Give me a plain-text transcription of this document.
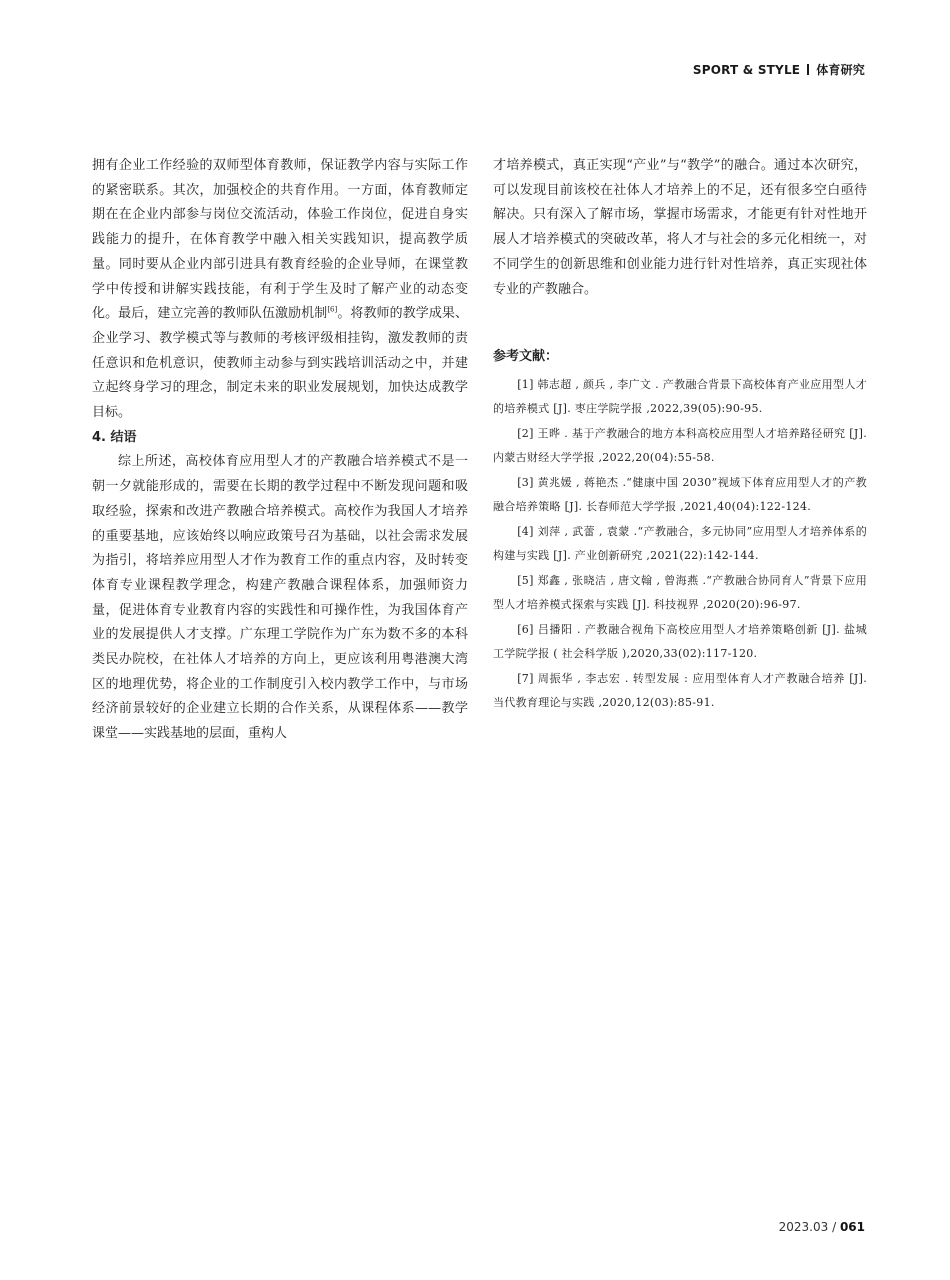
SPORT & STYLE 体育研究

拥有企业工作经验的双师型体育教师，保证教学内容与实际工作的紧密联系。其次，加强校企的共育作用。一方面，体育教师定期在在企业内部参与岗位交流活动，体验工作岗位，促进自身实践能力的提升，在体育教学中融入相关实践知识，提高教学质量。同时要从企业内部引进具有教育经验的企业导师，在课堂教学中传授和讲解实践技能，有利于学生及时了解产业的动态变化。最后，建立完善的教师队伍激励机制[6]。将教师的教学成果、企业学习、教学模式等与教师的考核评级相挂钩，激发教师的责任意识和危机意识，使教师主动参与到实践培训活动之中，并建立起终身学习的理念，制定未来的职业发展规划，加快达成教学目标。

4. 结语

综上所述，高校体育应用型人才的产教融合培养模式不是一朝一夕就能形成的，需要在长期的教学过程中不断发现问题和吸取经验，探索和改进产教融合培养模式。高校作为我国人才培养的重要基地，应该始终以响应政策号召为基础，以社会需求发展为指引，将培养应用型人才作为教育工作的重点内容，及时转变体育专业课程教学理念，构建产教融合课程体系，加强师资力量，促进体育专业教育内容的实践性和可操作性，为我国体育产业的发展提供人才支撑。广东理工学院作为广东为数不多的本科类民办院校，在社体人才培养的方向上，更应该利用粤港澳大湾区的地理优势，将企业的工作制度引入校内教学工作中，与市场经济前景较好的企业建立长期的合作关系，从课程体系——教学课堂——实践基地的层面，重构人

才培养模式，真正实现“产业”与“教学”的融合。通过本次研究，可以发现目前该校在社体人才培养上的不足，还有很多空白亟待解决。只有深入了解市场，掌握市场需求，才能更有针对性地开展人才培养模式的突破改革，将人才与社会的多元化相统一，对不同学生的创新思维和创业能力进行针对性培养，真正实现社体专业的产教融合。

参考文献：

[1] 韩志超 , 颜兵 , 李广文 . 产教融合背景下高校体育产业应用型人才的培养模式 [J]. 枣庄学院学报 ,2022,39(05):90-95.

[2] 王晔 . 基于产教融合的地方本科高校应用型人才培养路径研究 [J]. 内蒙古财经大学学报 ,2022,20(04):55-58.

[3] 黄兆媛 , 蒋艳杰 .“健康中国 2030”视域下体育应用型人才的产教融合培养策略 [J]. 长春师范大学学报 ,2021,40(04):122-124.

[4] 刘萍 , 武蕾 , 袁蒙 .“产教融合，多元协同”应用型人才培养体系的构建与实践 [J]. 产业创新研究 ,2021(22):142-144.

[5] 郑鑫 , 张晓洁 , 唐文翰 , 曾海燕 .“产教融合协同育人”背景下应用型人才培养模式探索与实践 [J]. 科技视界 ,2020(20):96-97.

[6] 吕播阳 . 产教融合视角下高校应用型人才培养策略创新 [J]. 盐城工学院学报 ( 社会科学版 ),2020,33(02):117-120.

[7] 周振华 , 李志宏 . 转型发展 : 应用型体育人才产教融合培养 [J]. 当代教育理论与实践 ,2020,12(03):85-91.

2023.03 / 061
